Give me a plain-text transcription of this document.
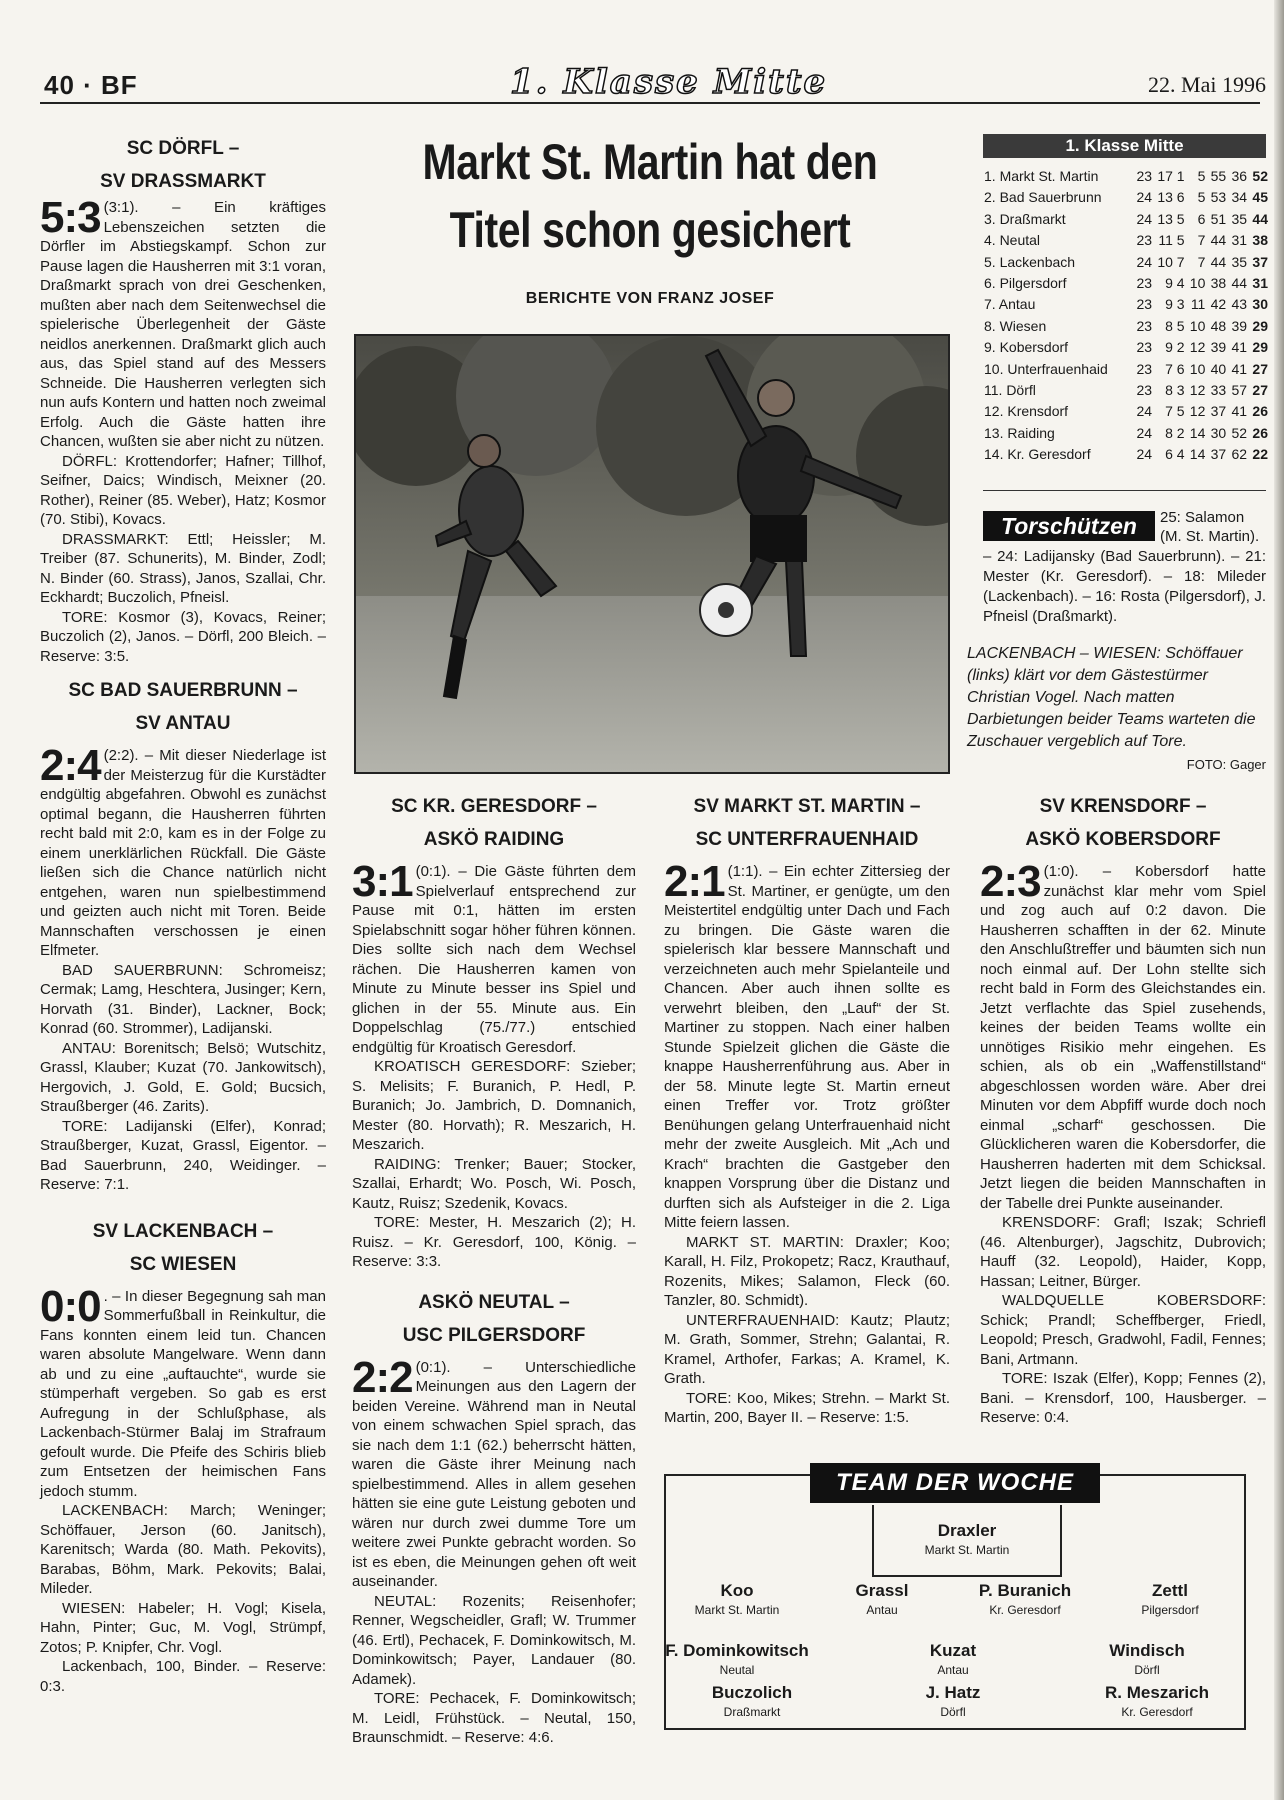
40 · BF	1. Klasse Mitte	22. Mai 1996
SC DÖRFL –
SV DRASSMARKT

5:3 (3:1). – Ein kräftiges Lebenszeichen setzten die Dörfler im Abstiegskampf. Schon zur Pause lagen die Hausherren mit 3:1 voran, Draßmarkt sprach von drei Geschenken, mußten aber nach dem Seitenwechsel die spielerische Überlegenheit der Gäste neidlos anerkennen. Draßmarkt glich auch aus, das Spiel stand auf des Messers Schneide. Die Hausherren verlegten sich nun aufs Kontern und hatten noch zweimal Erfolg. Auch die Gäste hatten ihre Chancen, wußten sie aber nicht zu nützen.

DÖRFL: Krottendorfer; Hafner; Tillhof, Seifner, Daics; Windisch, Meixner (20. Rother), Reiner (85. Weber), Hatz; Kosmor (70. Stibi), Kovacs.

DRASSMARKT: Ettl; Heissler; M. Treiber (87. Schunerits), M. Binder, Zodl; N. Binder (60. Strass), Janos, Szallai, Chr. Eckhardt; Buczolich, Pfneisl.

TORE: Kosmor (3), Kovacs, Reiner; Buczolich (2), Janos. – Dörfl, 200 Bleich. – Reserve: 3:5.

SC BAD SAUERBRUNN –
SV ANTAU

2:4 (2:2). – Mit dieser Niederlage ist der Meisterzug für die Kurstädter endgültig abgefahren. Obwohl es zunächst optimal begann, die Hausherren führten recht bald mit 2:0, kam es in der Folge zu einem unerklärlichen Rückfall. Die Gäste ließen sich die Chance natürlich nicht entgehen, waren nun spielbestimmend und geizten auch nicht mit Toren. Beide Mannschaften verschossen je einen Elfmeter.

BAD SAUERBRUNN: Schromeisz; Cermak; Lamg, Heschtera, Jusinger; Kern, Horvath (31. Binder), Lackner, Bock; Konrad (60. Strommer), Ladijanski.

ANTAU: Borenitsch; Belsö; Wutschitz, Grassl, Klauber; Kuzat (70. Jankowitsch), Hergovich, J. Gold, E. Gold; Bucsich, Straußberger (46. Zarits).

TORE: Ladijanski (Elfer), Konrad; Straußberger, Kuzat, Grassl, Eigentor. – Bad Sauerbrunn, 240, Weidinger. – Reserve: 7:1.

SV LACKENBACH –
SC WIESEN

0:0 . – In dieser Begegnung sah man Sommerfußball in Reinkultur, die Fans konnten einem leid tun. Chancen waren absolute Mangelware. Wenn dann ab und zu eine „auftauchte“, wurde sie stümperhaft vergeben. So gab es erst Aufregung in der Schlußphase, als Lackenbach-Stürmer Balaj im Strafraum gefoult wurde. Die Pfeife des Schiris blieb zum Entsetzen der heimischen Fans jedoch stumm.

LACKENBACH: March; Weninger; Schöffauer, Jerson (60. Janitsch), Karenitsch; Warda (80. Math. Pekovits), Barabas, Böhm, Mark. Pekovits; Balai, Mileder.

WIESEN: Habeler; H. Vogl; Kisela, Hahn, Pinter; Guc, M. Vogl, Strümpf, Zotos; P. Knipfer, Chr. Vogl.

Lackenbach, 100, Binder. – Reserve: 0:3.

Markt St. Martin hat den Titel schon gesichert
BERICHTE VON FRANZ JOSEF
1. Klasse Mitte
1. Markt St. Martin	23	17	1	5	55	36	52
2. Bad Sauerbrunn	24	13	6	5	53	34	45
3. Draßmarkt	24	13	5	6	51	35	44
4. Neutal	23	11	5	7	44	31	38
5. Lackenbach	24	10	7	7	44	35	37
6. Pilgersdorf	23	9	4	10	38	44	31
7. Antau	23	9	3	11	42	43	30
8. Wiesen	23	8	5	10	48	39	29
9. Kobersdorf	23	9	2	12	39	41	29
10. Unterfrauenhaid	23	7	6	10	40	41	27
11. Dörfl	23	8	3	12	33	57	27
12. Krensdorf	24	7	5	12	37	41	26
13. Raiding	24	8	2	14	30	52	26
14. Kr. Geresdorf	24	6	4	14	37	62	22
Torschützen	25: Salamon (M. St. Martin).
– 24: Ladijansky (Bad Sauerbrunn). – 21: Mester (Kr. Geresdorf). – 18: Mileder (Lackenbach). – 16: Rosta (Pilgersdorf), J. Pfneisl (Draßmarkt).
LACKENBACH – WIESEN: Schöffauer (links) klärt vor dem Gästestürmer Christian Vogel. Nach matten Darbietungen beider Teams warteten die Zuschauer vergeblich auf Tore.
FOTO: Gager
SC KR. GERESDORF –
ASKÖ RAIDING

3:1 (0:1). – Die Gäste führten dem Spielverlauf entsprechend zur Pause mit 0:1, hätten im ersten Spielabschnitt sogar höher führen können. Dies sollte sich nach dem Wechsel rächen. Die Hausherren kamen von Minute zu Minute besser ins Spiel und glichen in der 55. Minute aus. Ein Doppelschlag (75./77.) entschied endgültig für Kroatisch Geresdorf.

KROATISCH GERESDORF: Szieber; S. Melisits; F. Buranich, P. Hedl, P. Buranich; Jo. Jambrich, D. Domnanich, Mester (80. Horvath); R. Meszarich, H. Meszarich.

RAIDING: Trenker; Bauer; Stocker, Szallai, Erhardt; Wo. Posch, Wi. Posch, Kautz, Ruisz; Szedenik, Kovacs.

TORE: Mester, H. Meszarich (2); H. Ruisz. – Kr. Geresdorf, 100, König. – Reserve: 3:3.

ASKÖ NEUTAL –
USC PILGERSDORF

2:2 (0:1). – Unterschiedliche Meinungen aus den Lagern der beiden Vereine. Während man in Neutal von einem schwachen Spiel sprach, das sie nach dem 1:1 (62.) beherrscht hätten, waren die Gäste ihrer Meinung nach spielbestimmend. Alles in allem gesehen hätten sie eine gute Leistung geboten und wären nur durch zwei dumme Tore um weitere zwei Punkte gebracht worden. So ist es eben, die Meinungen gehen oft weit auseinander.

NEUTAL: Rozenits; Reisenhofer; Renner, Wegscheidler, Grafl; W. Trummer (46. Ertl), Pechacek, F. Dominkowitsch, M. Dominkowitsch; Payer, Landauer (80. Adamek).

TORE: Pechacek, F. Dominkowitsch; M. Leidl, Frühstück. – Neutal, 150, Braunschmidt. – Reserve: 4:6.

SV MARKT ST. MARTIN –
SC UNTERFRAUENHAID

2:1 (1:1). – Ein echter Zittersieg der St. Martiner, er genügte, um den Meistertitel endgültig unter Dach und Fach zu bringen. Die Gäste waren die spielerisch klar bessere Mannschaft und verzeichneten auch mehr Spielanteile und Chancen. Aber auch ihnen sollte es verwehrt bleiben, den „Lauf“ der St. Martiner zu stoppen. Nach einer halben Stunde Spielzeit glichen die Gäste die knappe Hausherrenführung aus. Aber in der 58. Minute legte St. Martin erneut einen Treffer vor. Trotz größter Benühungen gelang Unterfrauenhaid nicht mehr der zweite Ausgleich. Mit „Ach und Krach“ brachten die Gastgeber den knappen Vorsprung über die Distanz und durften sich als Aufsteiger in die 2. Liga Mitte feiern lassen.

MARKT ST. MARTIN: Draxler; Koo; Karall, H. Filz, Prokopetz; Racz, Krauthauf, Rozenits, Mikes; Salamon, Fleck (60. Tanzler, 80. Schmidt).

UNTERFRAUENHAID: Kautz; Plautz; M. Grath, Sommer, Strehn; Galantai, R. Kramel, Arthofer, Farkas; A. Kramel, K. Grath.

TORE: Koo, Mikes; Strehn. – Markt St. Martin, 200, Bayer II. – Reserve: 1:5.

SV KRENSDORF –
ASKÖ KOBERSDORF

2:3 (1:0). – Kobersdorf hatte zunächst klar mehr vom Spiel und zog auch auf 0:2 davon. Die Hausherren schafften in der 62. Minute den Anschlußtreffer und bäumten sich nun noch einmal auf. Der Lohn stellte sich recht bald in Form des Gleichstandes ein. Jetzt verflachte das Spiel zusehends, keines der beiden Teams wollte ein unnötiges Risikio mehr eingehen. Es schien, als ob ein „Waffenstillstand“ abgeschlossen worden wäre. Aber drei Minuten vor dem Abpfiff wurde doch noch einmal „scharf“ geschossen. Die Glücklicheren waren die Kobersdorfer, die Hausherren haderten mit dem Schicksal. Jetzt liegen die beiden Mannschaften in der Tabelle drei Punkte auseinander.

KRENSDORF: Grafl; Iszak; Schriefl (46. Altenburger), Jagschitz, Dubrovich; Hauff (32. Leopold), Haider, Kopp, Hassan; Leitner, Bürger.

WALDQUELLE KOBERSDORF: Schick; Prandl; Scheffberger, Friedl, Leopold; Presch, Gradwohl, Fadil, Fennes; Bani, Artmann.

TORE: Iszak (Elfer), Kopp; Fennes (2), Bani. – Krensdorf, 100, Hausberger. – Reserve: 0:4.

TEAM DER WOCHE
Draxler
Markt St. Martin
Koo
Markt St. Martin
Grassl
Antau
P. Buranich
Kr. Geresdorf
Zettl
Pilgersdorf
F. Dominkowitsch
Neutal
Kuzat
Antau
Windisch
Dörfl
Buczolich
Draßmarkt
J. Hatz
Dörfl
R. Meszarich
Kr. Geresdorf
